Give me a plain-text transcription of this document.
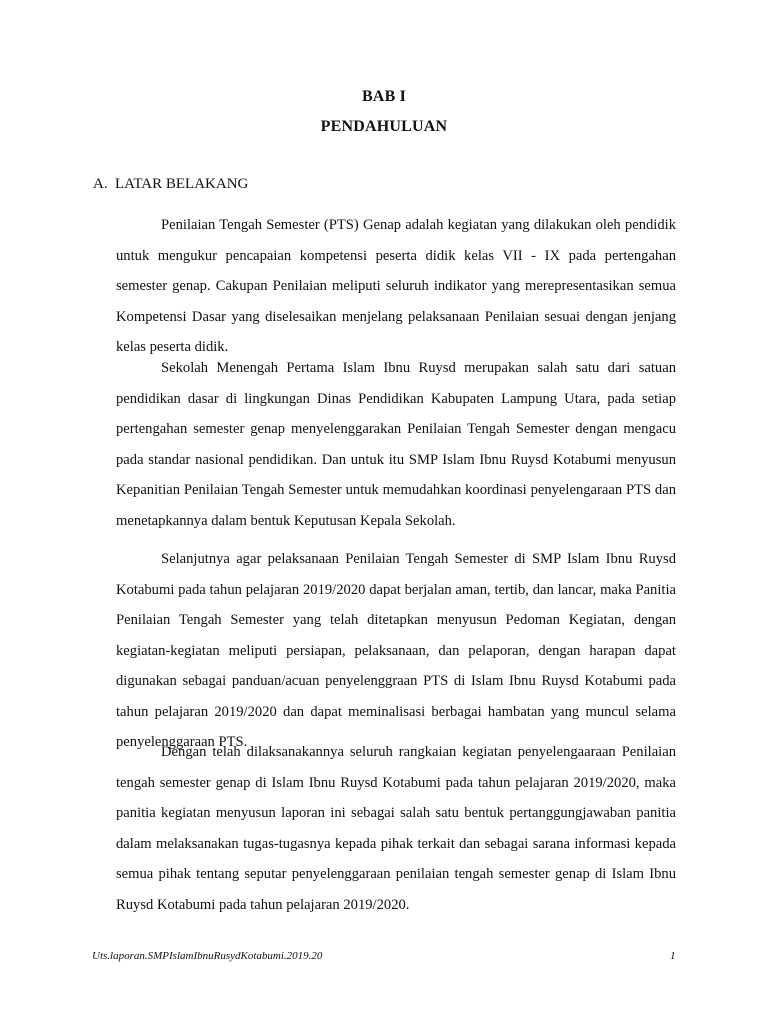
BAB I
PENDAHULUAN
A. LATAR BELAKANG

Penilaian Tengah Semester (PTS) Genap adalah kegiatan yang dilakukan oleh pendidik untuk mengukur pencapaian kompetensi peserta didik kelas VII - IX pada pertengahan semester genap. Cakupan Penilaian meliputi seluruh indikator yang merepresentasikan semua Kompetensi Dasar yang diselesaikan menjelang pelaksanaan Penilaian sesuai dengan jenjang kelas peserta didik.

Sekolah Menengah Pertama Islam Ibnu Ruysd merupakan salah satu dari satuan pendidikan dasar di lingkungan Dinas Pendidikan Kabupaten Lampung Utara, pada setiap pertengahan semester genap menyelenggarakan Penilaian Tengah Semester dengan mengacu pada standar nasional pendidikan. Dan untuk itu SMP Islam Ibnu Ruysd Kotabumi menyusun Kepanitian Penilaian Tengah Semester untuk memudahkan koordinasi penyelengaraan PTS dan menetapkannya dalam bentuk Keputusan Kepala Sekolah.

Selanjutnya agar pelaksanaan Penilaian Tengah Semester di SMP Islam Ibnu Ruysd Kotabumi pada tahun pelajaran 2019/2020 dapat berjalan aman, tertib, dan lancar, maka Panitia Penilaian Tengah Semester yang telah ditetapkan menyusun Pedoman Kegiatan, dengan kegiatan-kegiatan meliputi persiapan, pelaksanaan, dan pelaporan, dengan harapan dapat digunakan sebagai panduan/acuan penyelenggraan PTS di Islam Ibnu Ruysd Kotabumi pada tahun pelajaran 2019/2020 dan dapat meminalisasi berbagai hambatan yang muncul selama penyelenggaraan PTS.

Dengan telah dilaksanakannya seluruh rangkaian kegiatan penyelengaaraan Penilaian tengah semester genap di Islam Ibnu Ruysd Kotabumi pada tahun pelajaran 2019/2020, maka panitia kegiatan menyusun laporan ini sebagai salah satu bentuk pertanggungjawaban panitia dalam melaksanakan tugas-tugasnya kepada pihak terkait dan sebagai sarana informasi kepada semua pihak tentang seputar penyelenggaraan penilaian tengah semester genap di Islam Ibnu Ruysd Kotabumi pada tahun pelajaran 2019/2020.

Uts.laporan.SMPIslamIbnuRusydKotabumi.2019.20	1
